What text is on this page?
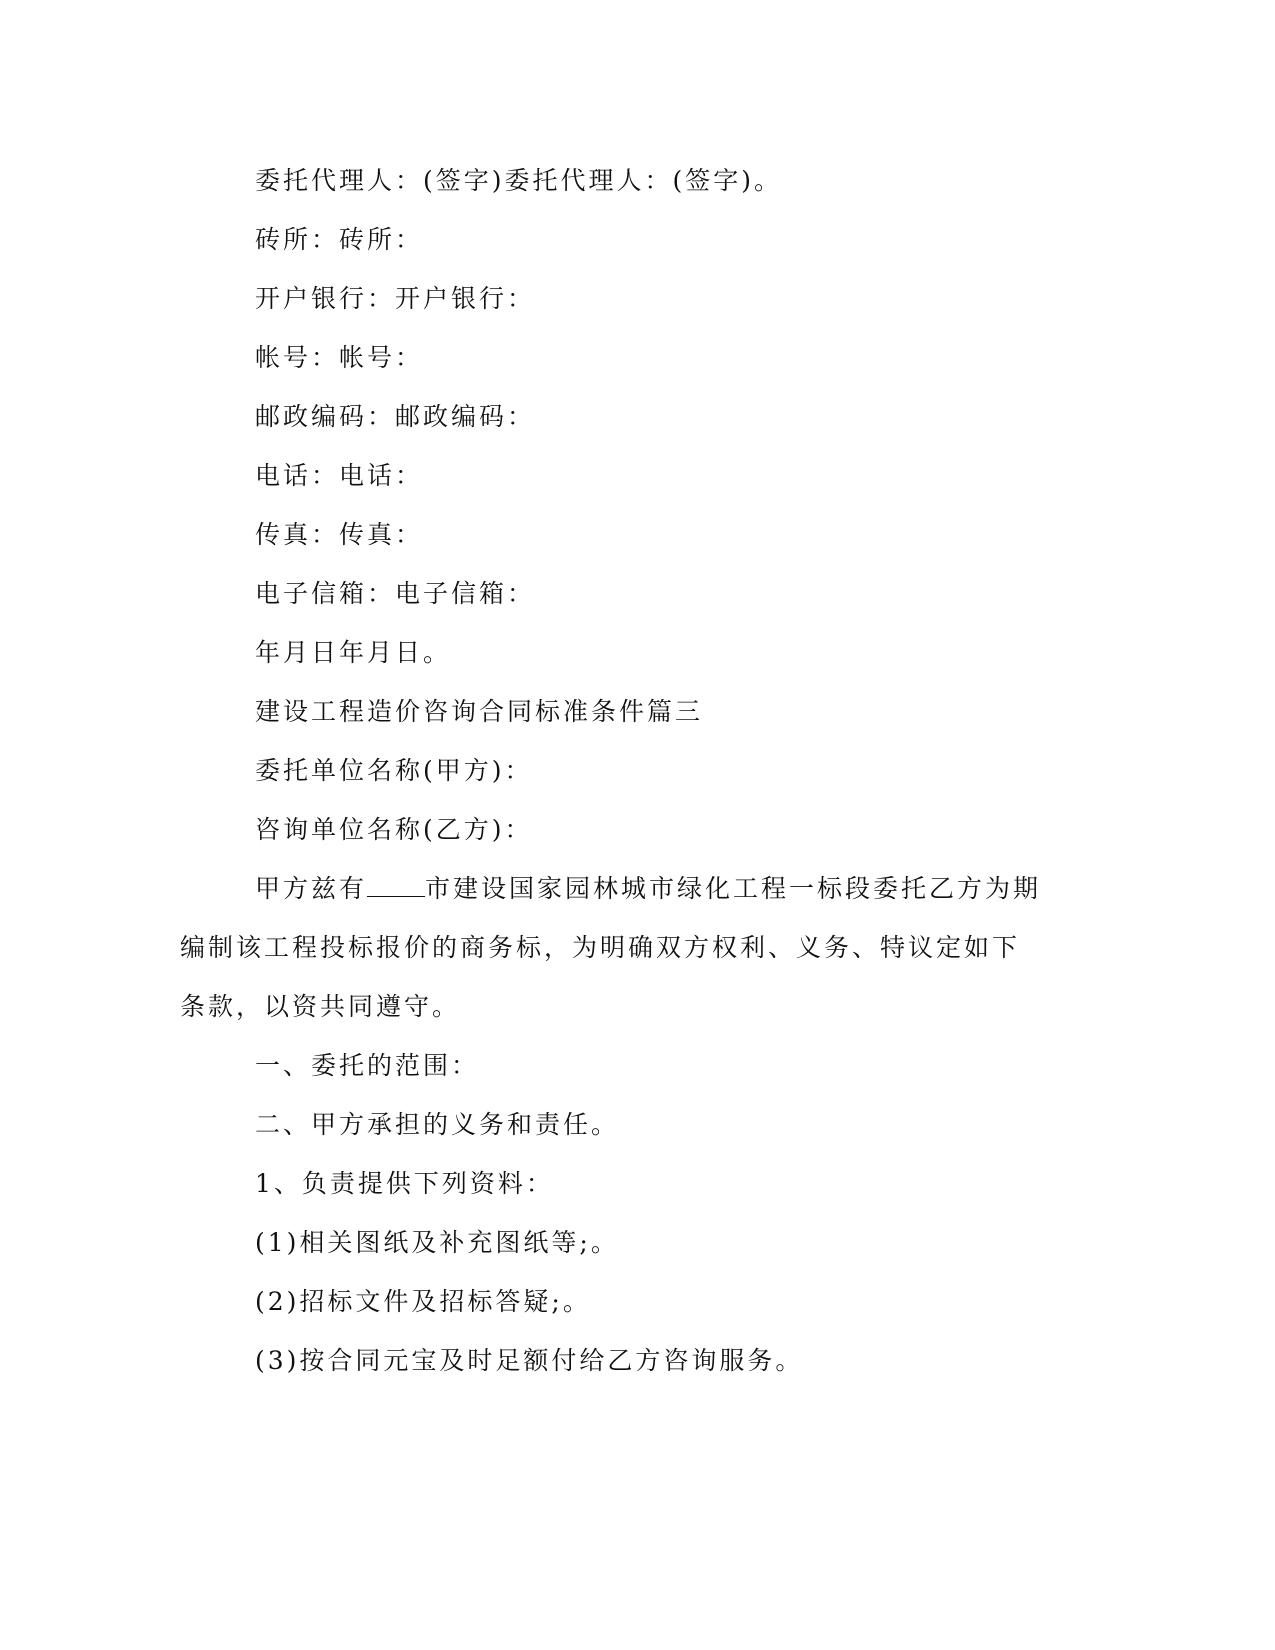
委托代理人：(签字)委托代理人：(签字)。
砖所：砖所：
开户银行：开户银行：
帐号：帐号：
邮政编码：邮政编码：
电话：电话：
传真：传真：
电子信箱：电子信箱：
年月日年月日。
建设工程造价咨询合同标准条件篇三
委托单位名称(甲方)：
咨询单位名称(乙方)：
甲方兹有 市建设国家园林城市绿化工程一标段委托乙方为期
编制该工程投标报价的商务标，为明确双方权利、义务、特议定如下
条款，以资共同遵守。
一、委托的范围：
二、甲方承担的义务和责任。
1、负责提供下列资料：
(1)相关图纸及补充图纸等;。
(2)招标文件及招标答疑;。
(3)按合同元宝及时足额付给乙方咨询服务。
